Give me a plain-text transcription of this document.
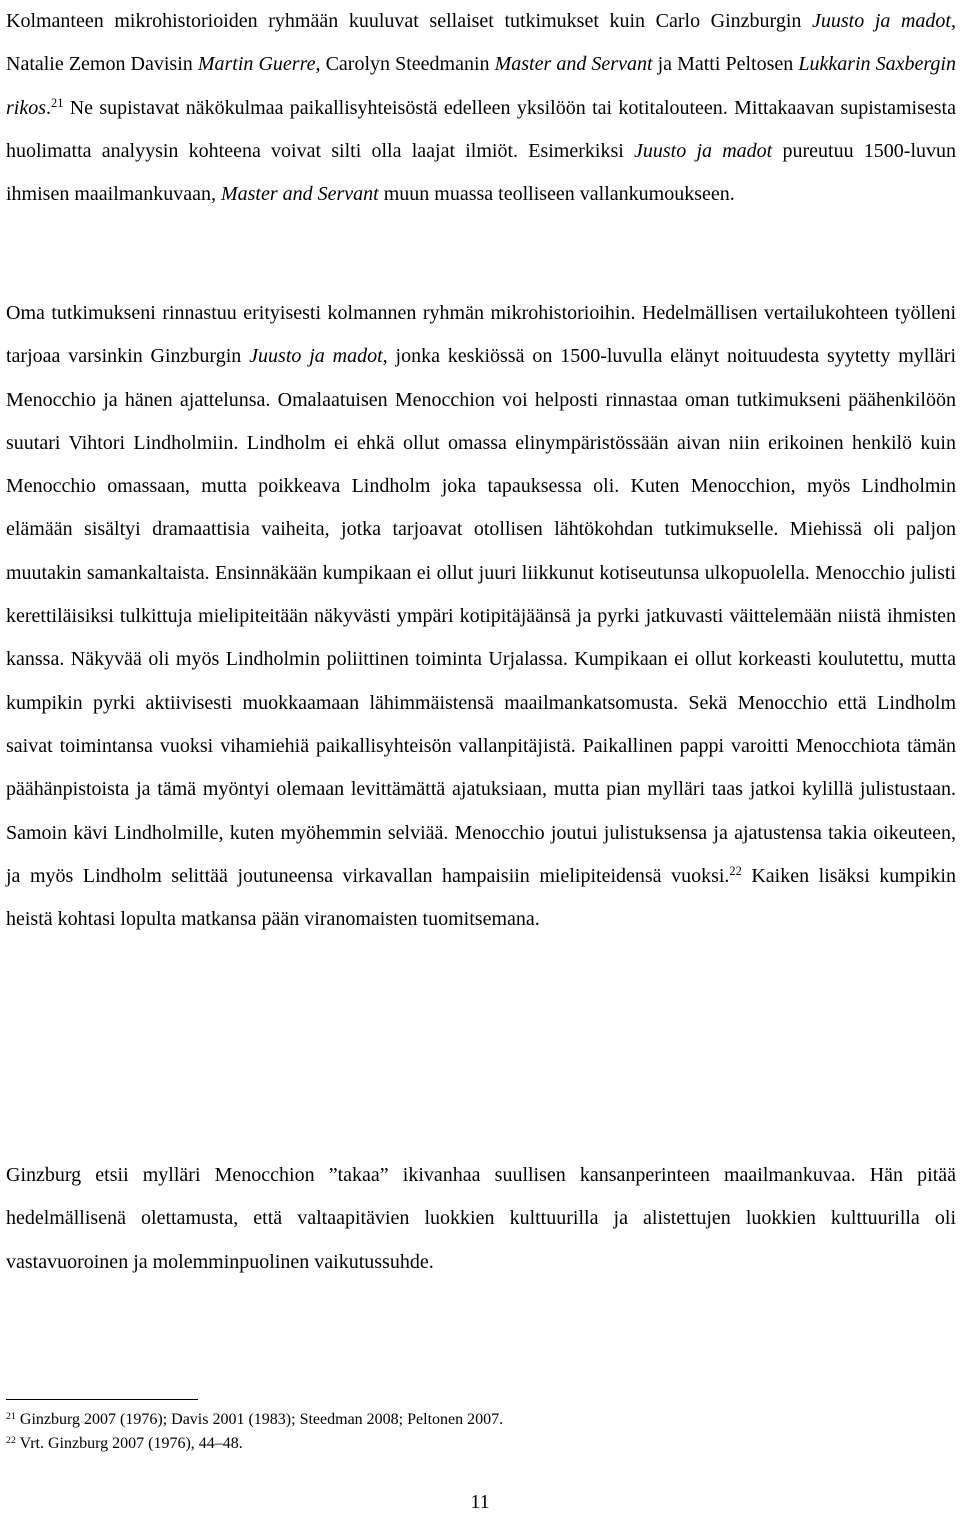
Kolmanteen mikrohistorioiden ryhmään kuuluvat sellaiset tutkimukset kuin Carlo Ginzburgin Juusto ja madot, Natalie Zemon Davisin Martin Guerre, Carolyn Steedmanin Master and Servant ja Matti Peltosen Lukkarin Saxbergin rikos.$^{21}$ Ne supistavat näkökulmaa paikallisyhteisöstä edelleen yksilöön tai kotitalouteen. Mittakaavan supistamisesta huolimatta analyysin kohteena voivat silti olla laajat ilmiöt. Esimerkiksi Juusto ja madot pureutuu 1500-luvun ihmisen maailmankuvaan, Master and Servant muun muassa teolliseen vallankumoukseen.

Oma tutkimukseni rinnastuu erityisesti kolmannen ryhmän mikrohistorioihin. Hedelmällisen vertailukohteen työlleni tarjoaa varsinkin Ginzburgin Juusto ja madot, jonka keskiössä on 1500-luvulla elänyt noituudesta syytetty mylläri Menocchio ja hänen ajattelunsa. Omalaatuisen Menocchion voi helposti rinnastaa oman tutkimukseni päähenkilöön suutari Vihtori Lindholmiin. Lindholm ei ehkä ollut omassa elinympäristössään aivan niin erikoinen henkilö kuin Menocchio omassaan, mutta poikkeava Lindholm joka tapauksessa oli. Kuten Menocchion, myös Lindholmin elämään sisältyi dramaattisia vaiheita, jotka tarjoavat otollisen lähtökohdan tutkimukselle. Miehissä oli paljon muutakin samankaltaista. Ensinnäkään kumpikaan ei ollut juuri liikkunut kotiseutunsa ulkopuolella. Menocchio julisti kerettiläisiksi tulkittuja mielipiteitään näkyvästi ympäri kotipitäjäänsä ja pyrki jatkuvasti väittelemään niistä ihmisten kanssa. Näkyvää oli myös Lindholmin poliittinen toiminta Urjalassa. Kumpikaan ei ollut korkeasti koulutettu, mutta kumpikin pyrki aktiivisesti muokkaamaan lähimmäistensä maailmankatsomusta. Sekä Menocchio että Lindholm saivat toimintansa vuoksi vihamiehiä paikallisyhteisön vallanpitäjistä. Paikallinen pappi varoitti Menocchiota tämän päähänpistoista ja tämä myöntyi olemaan levittämättä ajatuksiaan, mutta pian mylläri taas jatkoi kylillä julistustaan. Samoin kävi Lindholmille, kuten myöhemmin selviää. Menocchio joutui julistuksensa ja ajatustensa takia oikeuteen, ja myös Lindholm selittää joutuneensa virkavallan hampaisiin mielipiteidensä vuoksi.$^{22}$ Kaiken lisäksi kumpikin heistä kohtasi lopulta matkansa pään viranomaisten tuomitsemana.

Ginzburg etsii mylläri Menocchion ”takaa” ikivanhaa suullisen kansanperinteen maailmankuvaa. Hän pitää hedelmällisenä olettamusta, että valtaapitävien luokkien kulttuurilla ja alistettujen luokkien kulttuurilla oli vastavuoroinen ja molemminpuolinen vaikutussuhde.

$^{21}$ Ginzburg 2007 (1976); Davis 2001 (1983); Steedman 2008; Peltonen 2007.
$^{22}$ Vrt. Ginzburg 2007 (1976), 44–48.
11
